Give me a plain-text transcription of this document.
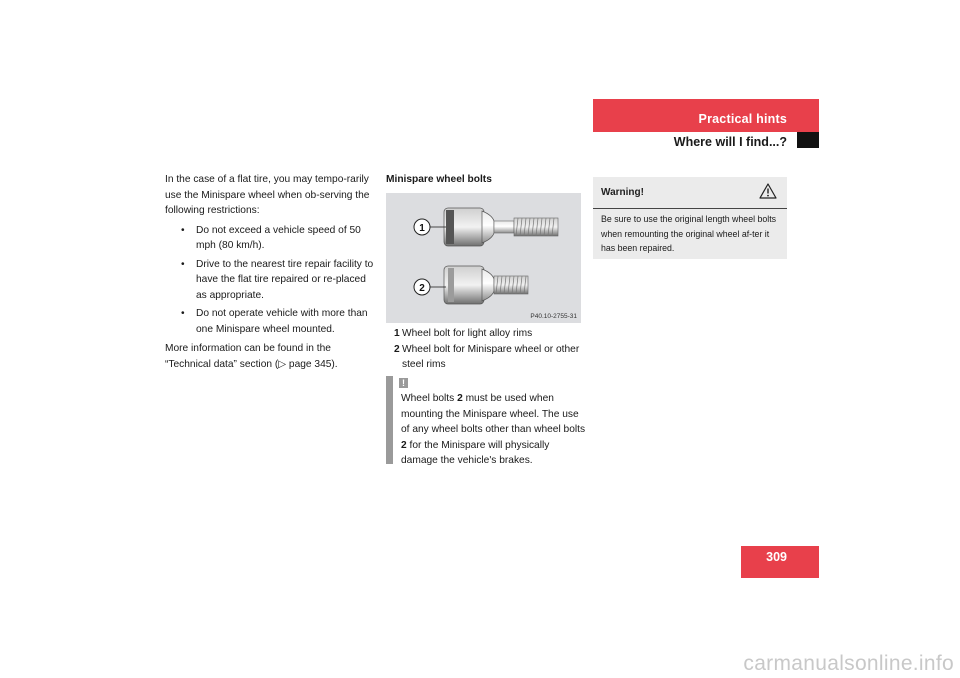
Practical hints
Where will I find...?

In the case of a flat tire, you may tempo-rarily use the Minispare wheel when ob-serving the following restrictions:

• Do not exceed a vehicle speed of 50 mph (80 km/h).
• Drive to the nearest tire repair facility to have the flat tire repaired or re-placed as appropriate.
• Do not operate vehicle with more than one Minispare wheel mounted.

More information can be found in the “Technical data” section (▷ page 345).

Minispare wheel bolts
1
2
P40.10-2755-31
1 Wheel bolt for light alloy rims
2 Wheel bolt for Minispare wheel or other steel rims
!
Wheel bolts 2 must be used when mounting the Minispare wheel. The use of any wheel bolts other than wheel bolts 2 for the Minispare will physically damage the vehicle's brakes.
Warning!
Be sure to use the original length wheel bolts when remounting the original wheel af-ter it has been repaired.
309
carmanualsonline.info
